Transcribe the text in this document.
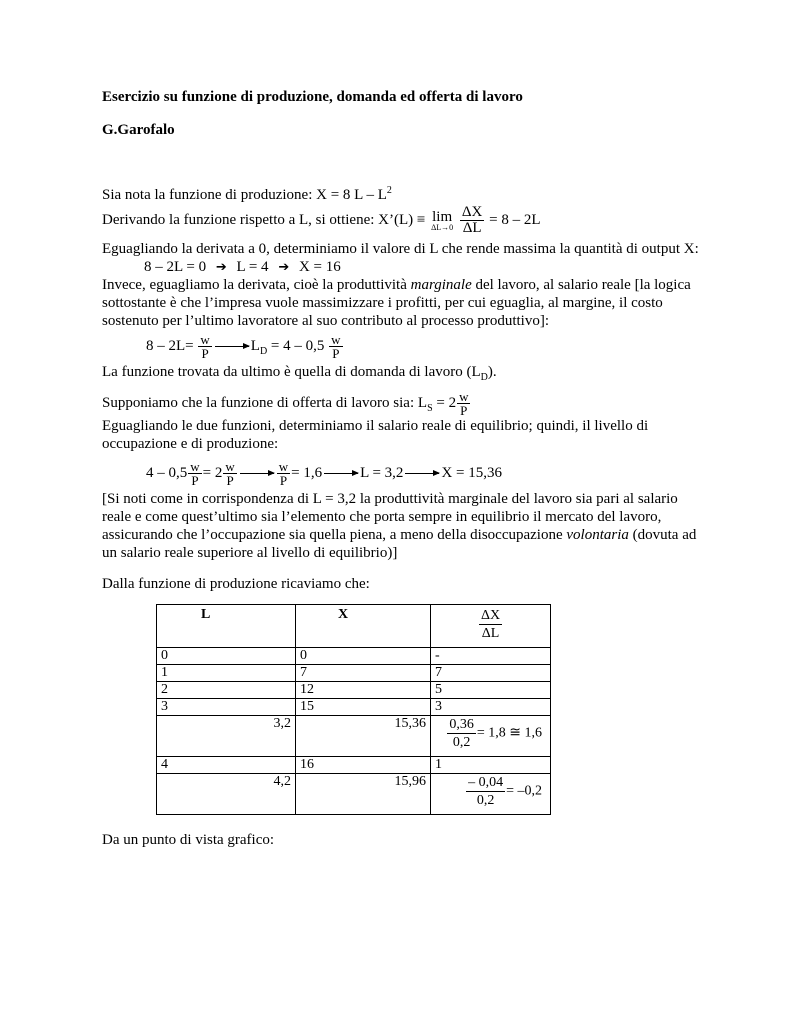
Esercizio su funzione di produzione, domanda ed offerta di lavoro
G.Garofalo
Sia nota la funzione di produzione: X = 8 L – $L^2$
Derivando la funzione rispetto a L, si ottiene: X’(L) ≡ lim
ΔL→0
$\frac{\Delta X}{\Delta L} = 8 - 2L$
Eguagliando la derivata a 0, determiniamo il valore di L che rende massima la quantità di output X:
8 – 2L = 0 ➔ L = 4 ➔ X = 16
Invece, eguagliamo la derivata, cioè la produttività marginale del lavoro, al salario reale [la logica
sottostante è che l’impresa vuole massimizzare i profitti, per cui eguaglia, al margine, il costo
sostenuto per l’ultimo lavoratore al suo contributo al processo produttivo]:
$8 - 2L= \frac{w}{P}$	$L_D = 4 - 0,5 \frac{w}{P}$
La funzione trovata da ultimo è quella di domanda di lavoro $(L_D)$.
Supponiamo che la funzione di offerta di lavoro sia: $L_S = 2 \frac{w}{P}$
Eguagliando le due funzioni, determiniamo il salario reale di equilibrio; quindi, il livello di
occupazione e di produzione:
$4 - 0,5 \frac{w}{P} = 2 \frac{w}{P}$	$\frac{w}{P} = 1,6$	L = 3,2	X = 15,36
[Si noti come in corrispondenza di L = 3,2 la produttività marginale del lavoro sia pari al salario
reale e come quest’ultimo sia l’elemento che porta sempre in equilibrio il mercato del lavoro,
assicurando che l’occupazione sia quella piena, a meno della disoccupazione volontaria (dovuta ad
un salario reale superiore al livello di equilibrio)]
Dalla funzione di produzione ricaviamo che:
L	X	$\frac{\Delta X}{\Delta L}$

0	0	-
1	7	7
2	12	5
3	15	3
3,2	15,36	$\frac{0,36}{0,2} = 1,8$ ≅ 1,6
4	16	1
4,2	15,96	$\frac{- 0,04}{0,2} = -0,2$
Da un punto di vista grafico:
